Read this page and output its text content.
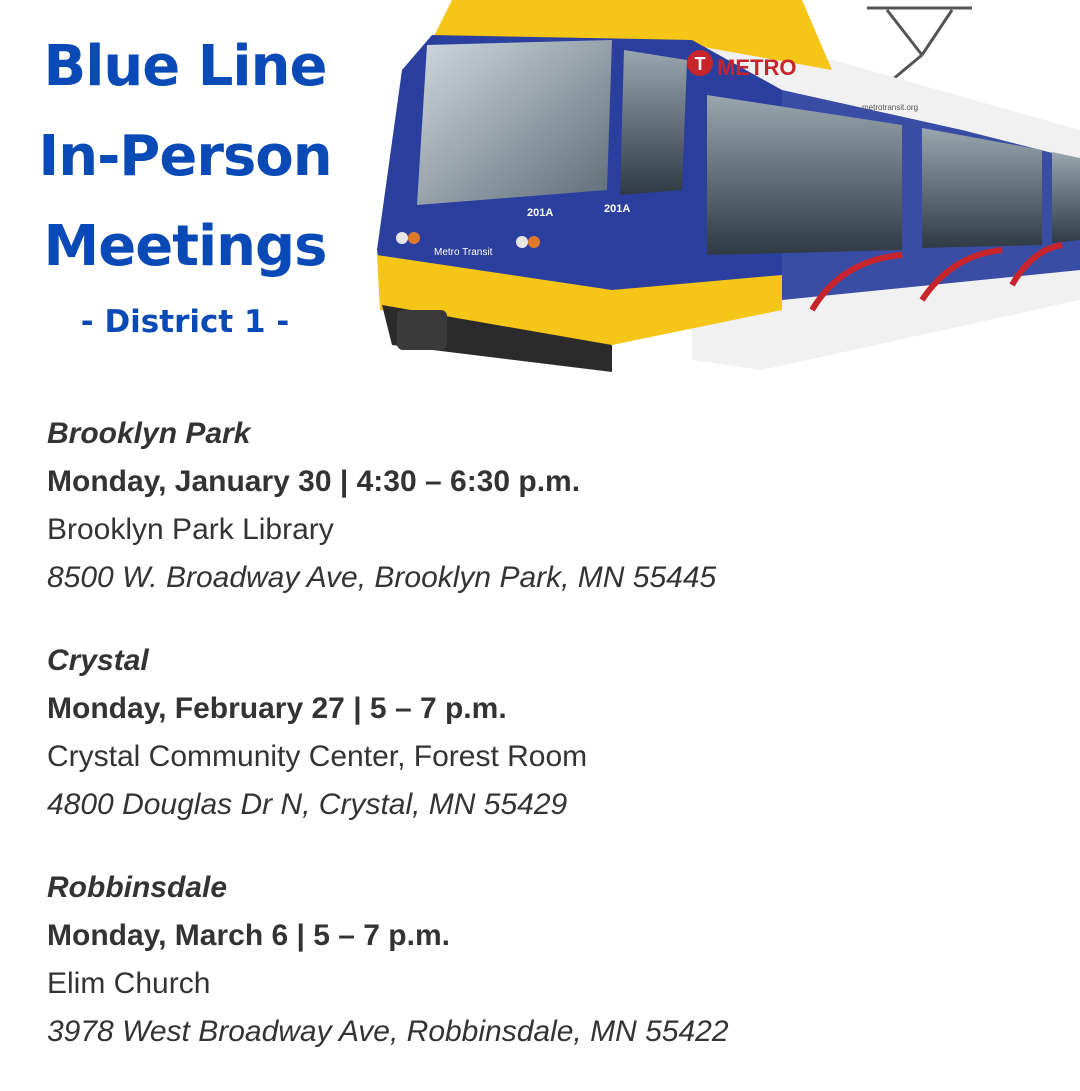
Blue Line
In-Person
Meetings
- District 1 -
T METRO
201A	201A
Metro Transit
metrotransit.org
Brooklyn Park
Monday, January 30 | 4:30 – 6:30 p.m.
Brooklyn Park Library
8500 W. Broadway Ave, Brooklyn Park, MN 55445
Crystal
Monday, February 27 | 5 – 7 p.m.
Crystal Community Center, Forest Room
4800 Douglas Dr N, Crystal, MN 55429
Robbinsdale
Monday, March 6 | 5 – 7 p.m.
Elim Church
3978 West Broadway Ave, Robbinsdale, MN 55422
